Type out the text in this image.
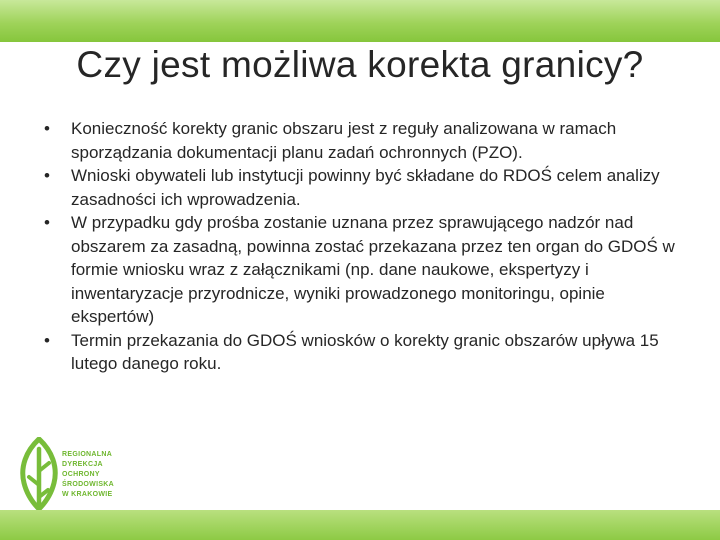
Czy jest możliwa korekta granicy?
• Konieczność korekty granic obszaru jest z reguły analizowana w ramach sporządzania dokumentacji planu zadań ochronnych (PZO).
• Wnioski obywateli lub instytucji powinny być składane do RDOŚ celem analizy zasadności ich wprowadzenia.
• W przypadku gdy prośba zostanie uznana przez sprawującego nadzór nad obszarem za zasadną, powinna zostać przekazana przez ten organ do GDOŚ w formie wniosku wraz z załącznikami (np. dane naukowe, ekspertyzy i inwentaryzacje przyrodnicze, wyniki prowadzonego monitoringu, opinie ekspertów)
• Termin przekazania do GDOŚ wniosków o korekty granic obszarów upływa 15 lutego danego roku.
REGIONALNA
DYREKCJA
OCHRONY
ŚRODOWISKA
W KRAKOWIE
